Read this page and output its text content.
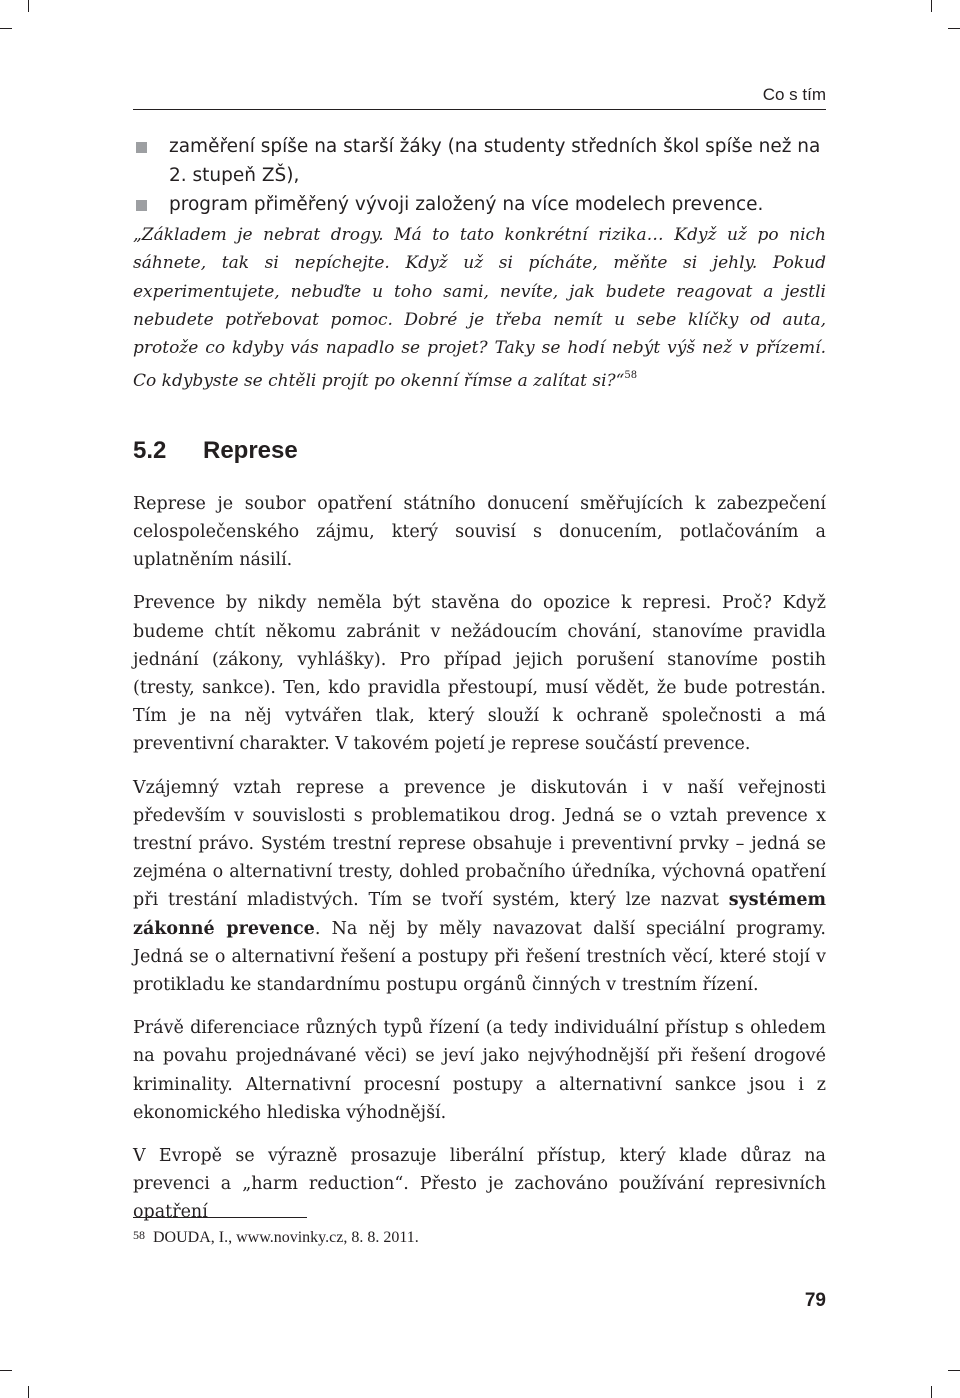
Co s tím
zaměření spíše na starší žáky (na studenty středních škol spíše než na 2. stupeň ZŠ),
program přiměřený vývoji založený na více modelech prevence.
„Základem je nebrat drogy. Má to tato konkrétní rizika… Když už po nich sáhnete, tak si nepíchejte. Když už si pícháte, měňte si jehly. Pokud experimentujete, nebuďte u toho sami, nevíte, jak budete reagovat a jestli nebudete potřebovat pomoc. Dobré je třeba nemít u sebe klíčky od auta, protože co kdyby vás napadlo se projet? Taky se hodí nebýt výš než v přízemí. Co kdybyste se chtěli projít po okenní římse a zalítat si?“$^{58}$
5.2 Represe

Represe je soubor opatření státního donucení směřujících k zabezpečení celospolečenského zájmu, který souvisí s donucením, potlačováním a uplatněním násilí.

Prevence by nikdy neměla být stavěna do opozice k represi. Proč? Když budeme chtít někomu zabránit v nežádoucím chování, stanovíme pravidla jednání (zákony, vyhlášky). Pro případ jejich porušení stanovíme postih (tresty, sankce). Ten, kdo pravidla přestoupí, musí vědět, že bude potrestán. Tím je na něj vytvářen tlak, který slouží k ochraně společnosti a má preventivní charakter. V takovém pojetí je represe součástí prevence.

Vzájemný vztah represe a prevence je diskutován i v naší veřejnosti především v souvislosti s problematikou drog. Jedná se o vztah prevence x trestní právo. Systém trestní represe obsahuje i preventivní prvky – jedná se zejména o alternativní tresty, dohled probačního úředníka, výchovná opatření při trestání mladistvých. Tím se tvoří systém, který lze nazvat systémem zákonné prevence. Na něj by měly navazovat další speciální programy. Jedná se o alternativní řešení a postupy při řešení trestních věcí, které stojí v protikladu ke standardnímu postupu orgánů činných v trestním řízení.

Právě diferenciace různých typů řízení (a tedy individuální přístup s ohledem na povahu projednávané věci) se jeví jako nejvýhodnější při řešení drogové kriminality. Alternativní procesní postupy a alternativní sankce jsou i z ekonomického hlediska výhodnější.

V Evropě se výrazně prosazuje liberální přístup, který klade důraz na prevenci a „harm reduction“. Přesto je zachováno používání represivních opatření

58 DOUDA, I., www.novinky.cz, 8. 8. 2011.
79
